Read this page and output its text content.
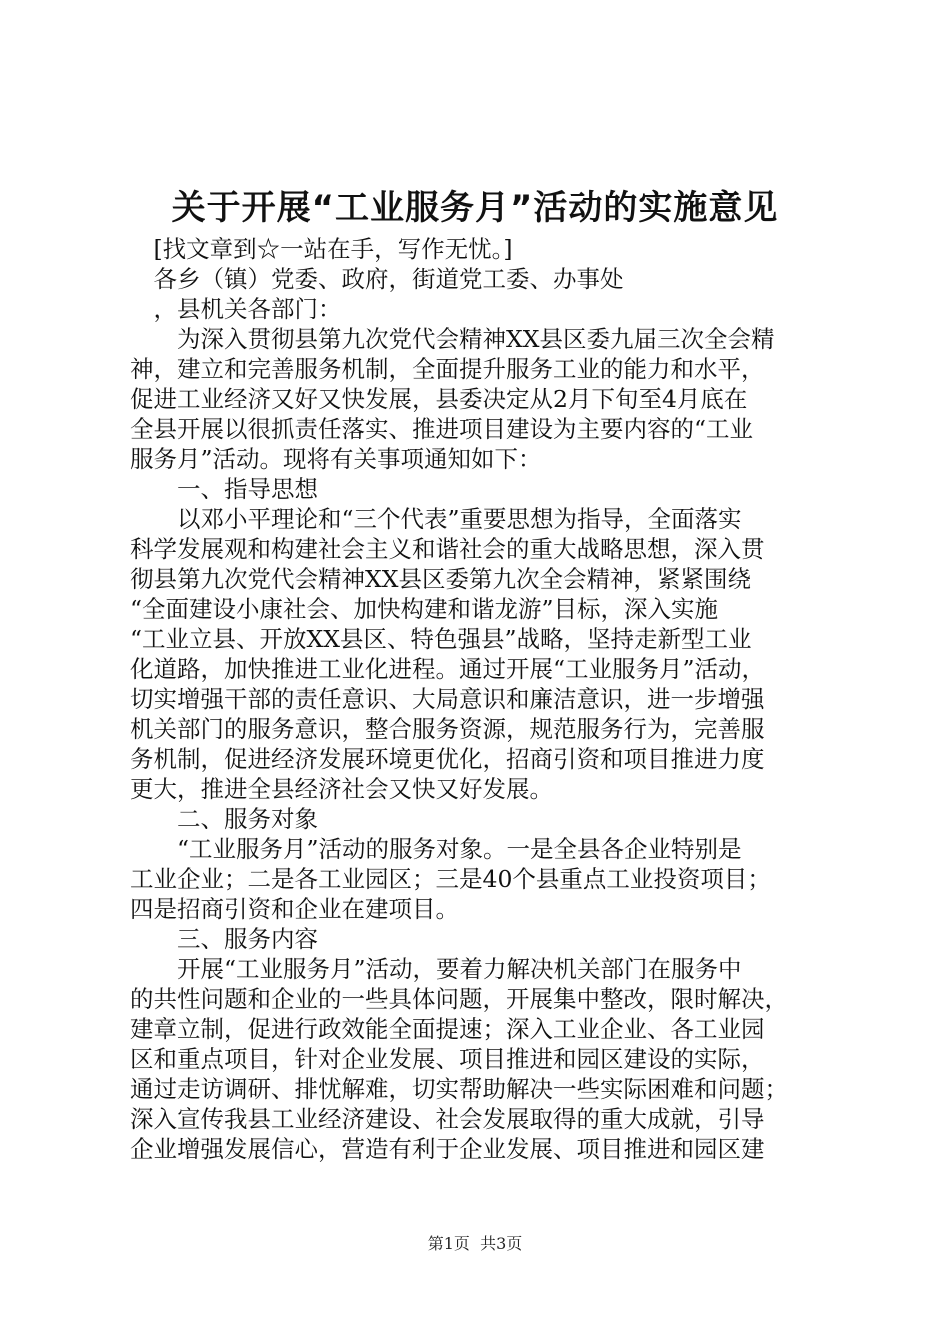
关于开展“工业服务月”活动的实施意见
　[找文章到☆一站在手，写作无忧。]
　各乡（镇）党委、政府，街道党工委、办事处
　，县机关各部门：
　　为深入贯彻县第九次党代会精神XX县区委九届三次全会精
神，建立和完善服务机制，全面提升服务工业的能力和水平，
促进工业经济又好又快发展，县委决定从2月下旬至4月底在
全县开展以很抓责任落实、推进项目建设为主要内容的“工业
服务月”活动。现将有关事项通知如下：
　　一、指导思想
　　以邓小平理论和“三个代表”重要思想为指导，全面落实
科学发展观和构建社会主义和谐社会的重大战略思想，深入贯
彻县第九次党代会精神XX县区委第九次全会精神，紧紧围绕
“全面建设小康社会、加快构建和谐龙游”目标，深入实施
“工业立县、开放XX县区、特色强县”战略，坚持走新型工业
化道路，加快推进工业化进程。通过开展“工业服务月”活动，
切实增强干部的责任意识、大局意识和廉洁意识，进一步增强
机关部门的服务意识，整合服务资源，规范服务行为，完善服
务机制，促进经济发展环境更优化，招商引资和项目推进力度
更大，推进全县经济社会又快又好发展。
　　二、服务对象
　　“工业服务月”活动的服务对象。一是全县各企业特别是
工业企业；二是各工业园区；三是40个县重点工业投资项目；
四是招商引资和企业在建项目。
　　三、服务内容
　　开展“工业服务月”活动，要着力解决机关部门在服务中
的共性问题和企业的一些具体问题，开展集中整改，限时解决，
建章立制，促进行政效能全面提速；深入工业企业、各工业园
区和重点项目，针对企业发展、项目推进和园区建设的实际，
通过走访调研、排忧解难，切实帮助解决一些实际困难和问题；
深入宣传我县工业经济建设、社会发展取得的重大成就，引导
企业增强发展信心，营造有利于企业发展、项目推进和园区建
第1页 共3页
